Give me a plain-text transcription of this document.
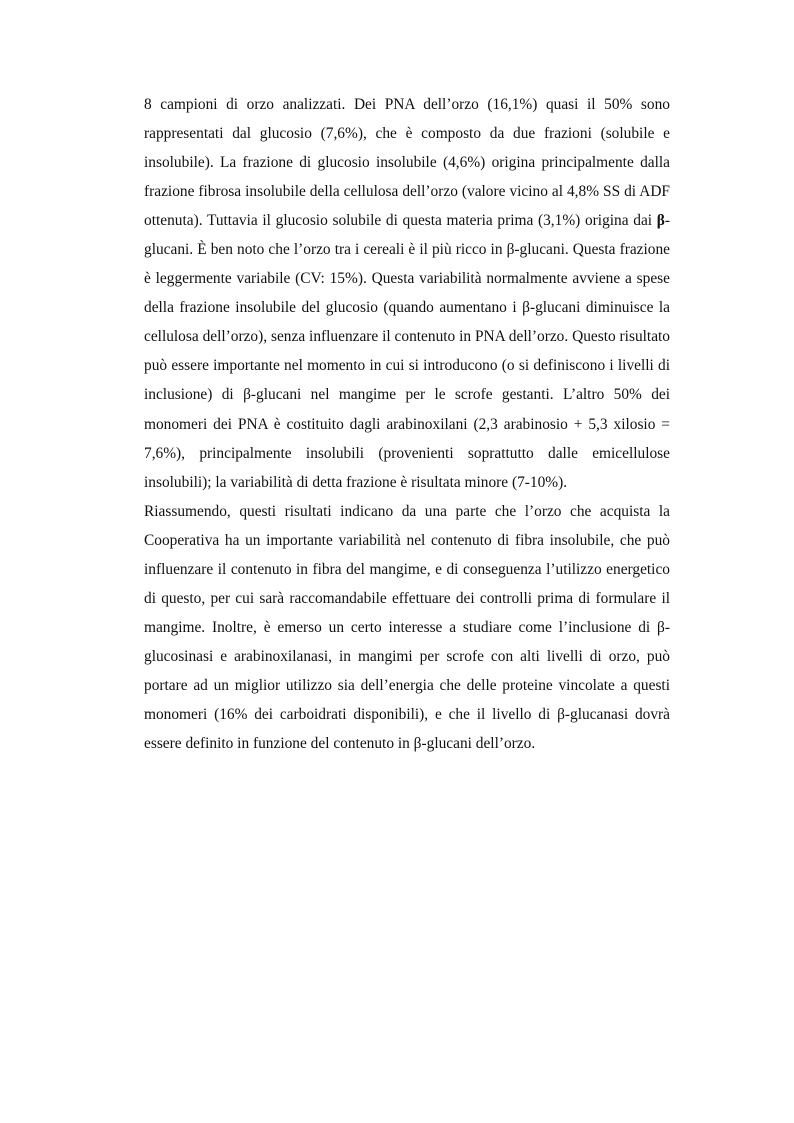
8 campioni di orzo analizzati. Dei PNA dell’orzo (16,1%) quasi il 50% sono rappresentati dal glucosio (7,6%), che è composto da due frazioni (solubile e insolubile). La frazione di glucosio insolubile (4,6%) origina principalmente dalla frazione fibrosa insolubile della cellulosa dell’orzo (valore vicino al 4,8% SS di ADF ottenuta). Tuttavia il glucosio solubile di questa materia prima (3,1%) origina dai β-glucani. È ben noto che l’orzo tra i cereali è il più ricco in β-glucani. Questa frazione è leggermente variabile (CV: 15%). Questa variabilità normalmente avviene a spese della frazione insolubile del glucosio (quando aumentano i β-glucani diminuisce la cellulosa dell’orzo), senza influenzare il contenuto in PNA dell’orzo. Questo risultato può essere importante nel momento in cui si introducono (o si definiscono i livelli di inclusione) di β-glucani nel mangime per le scrofe gestanti. L’altro 50% dei monomeri dei PNA è costituito dagli arabinoxilani (2,3 arabinosio + 5,3 xilosio = 7,6%), principalmente insolubili (provenienti soprattutto dalle emicellulose insolubili); la variabilità di detta frazione è risultata minore (7-10%).

Riassumendo, questi risultati indicano da una parte che l’orzo che acquista la Cooperativa ha un importante variabilità nel contenuto di fibra insolubile, che può influenzare il contenuto in fibra del mangime, e di conseguenza l’utilizzo energetico di questo, per cui sarà raccomandabile effettuare dei controlli prima di formulare il mangime. Inoltre, è emerso un certo interesse a studiare come l’inclusione di β-glucosinasi e arabinoxilanasi, in mangimi per scrofe con alti livelli di orzo, può portare ad un miglior utilizzo sia dell’energia che delle proteine vincolate a questi monomeri (16% dei carboidrati disponibili), e che il livello di β-glucanasi dovrà essere definito in funzione del contenuto in β-glucani dell’orzo.
